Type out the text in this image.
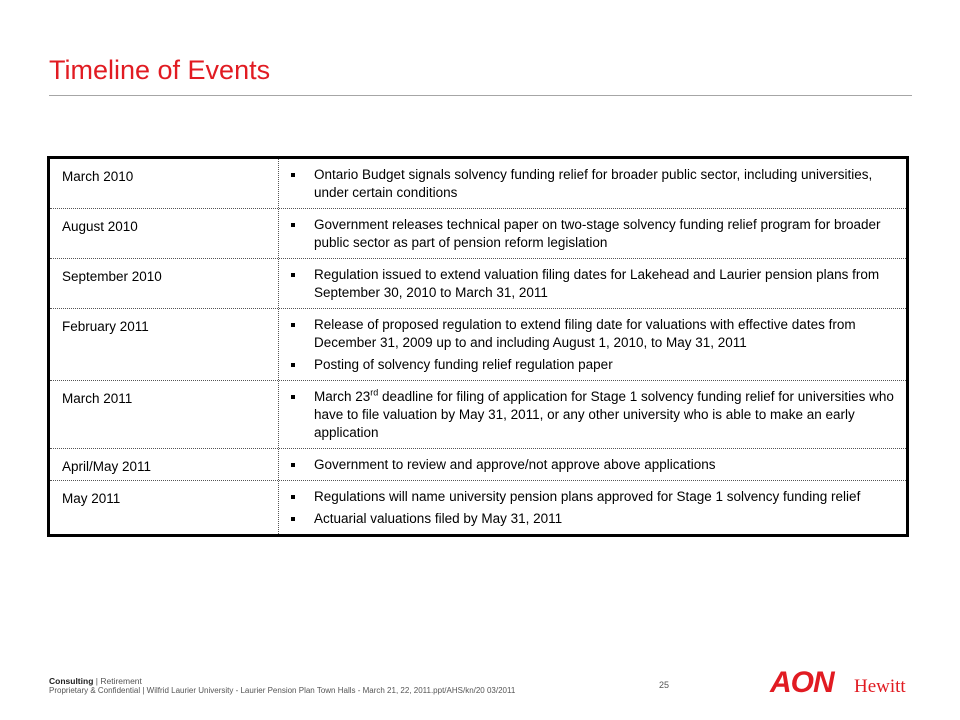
Timeline of Events
March 2010	Ontario Budget signals solvency funding relief for broader public sector, including universities, under certain conditions
August 2010	Government releases technical paper on two-stage solvency funding relief program for broader public sector as part of pension reform legislation
September 2010	Regulation issued to extend valuation filing dates for Lakehead and Laurier pension plans from September 30, 2010 to March 31, 2011
February 2011	Release of proposed regulation to extend filing date for valuations with effective dates from December 31, 2009 up to and including August 1, 2010, to May 31, 2011
Posting of solvency funding relief regulation paper
March 2011	March 23rd deadline for filing of application for Stage 1 solvency funding relief for universities who have to file valuation by May 31, 2011, or any other university who is able to make an early application
April/May 2011	Government to review and approve/not approve above applications
May 2011	Regulations will name university pension plans approved for Stage 1 solvency funding relief
Actuarial valuations filed by May 31, 2011
Consulting | Retirement
Proprietary & Confidential | Wilfrid Laurier University - Laurier Pension Plan Town Halls - March 21, 22, 2011.ppt/AHS/kn/20 03/2011
25	AON Hewitt
